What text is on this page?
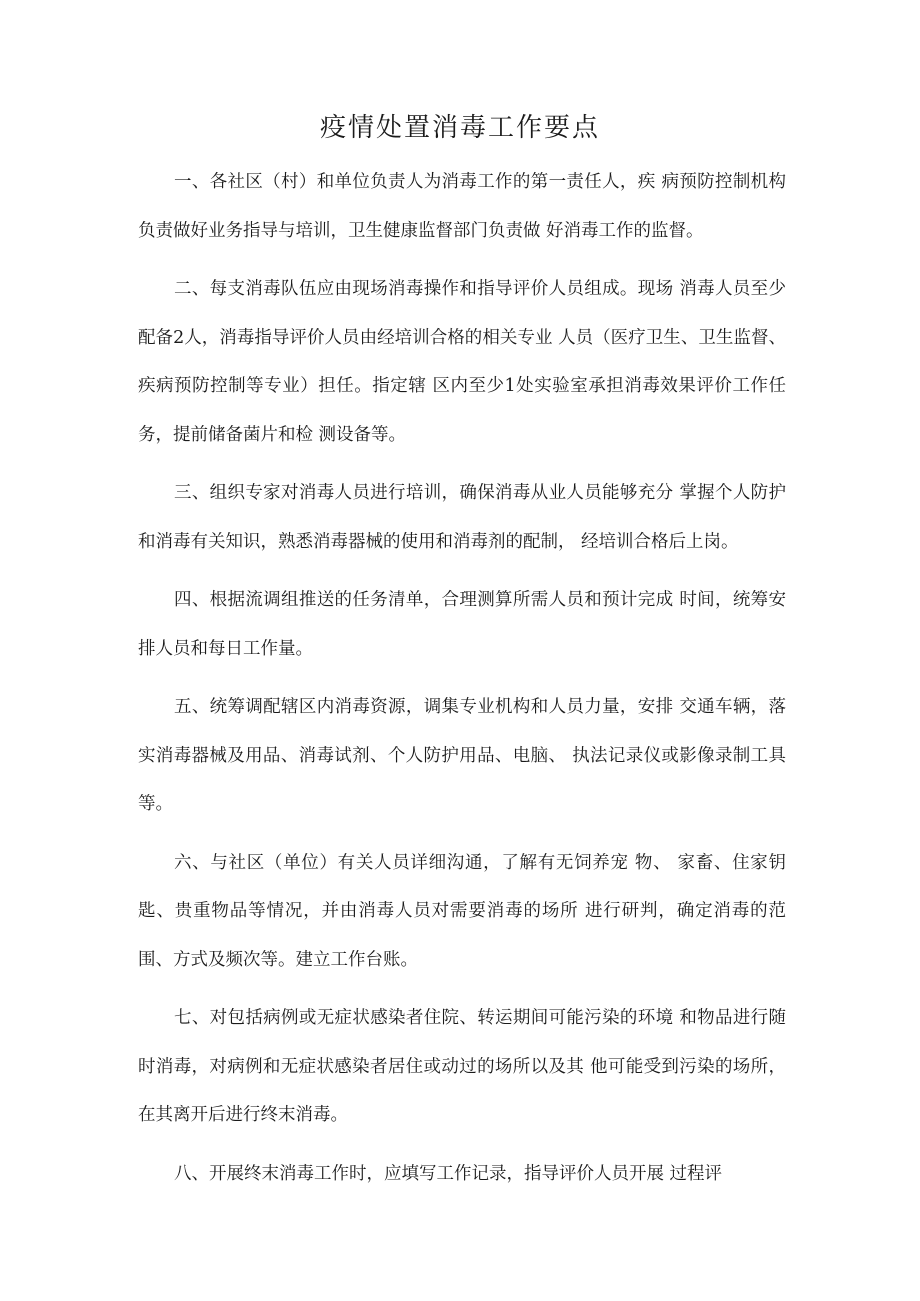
疫情处置消毒工作要点

一、各社区（村）和单位负责人为消毒工作的第一责任人，疾 病预防控制机构负责做好业务指导与培训，卫生健康监督部门负责做 好消毒工作的监督。

二、每支消毒队伍应由现场消毒操作和指导评价人员组成。现场 消毒人员至少配备2人，消毒指导评价人员由经培训合格的相关专业 人员（医疗卫生、卫生监督、疾病预防控制等专业）担任。指定辖 区内至少1处实验室承担消毒效果评价工作任务，提前储备菌片和检 测设备等。

三、组织专家对消毒人员进行培训，确保消毒从业人员能够充分 掌握个人防护和消毒有关知识，熟悉消毒器械的使用和消毒剂的配制， 经培训合格后上岗。

四、根据流调组推送的任务清单，合理测算所需人员和预计完成 时间，统筹安排人员和每日工作量。

五、统筹调配辖区内消毒资源，调集专业机构和人员力量，安排 交通车辆，落实消毒器械及用品、消毒试剂、个人防护用品、电脑、 执法记录仪或影像录制工具等。

六、与社区（单位）有关人员详细沟通，了解有无饲养宠 物、 家畜、住家钥匙、贵重物品等情况，并由消毒人员对需要消毒的场所 进行研判，确定消毒的范围、方式及频次等。建立工作台账。

七、对包括病例或无症状感染者住院、转运期间可能污染的环境 和物品进行随时消毒，对病例和无症状感染者居住或动过的场所以及其 他可能受到污染的场所，在其离开后进行终末消毒。

八、开展终末消毒工作时，应填写工作记录，指导评价人员开展 过程评
